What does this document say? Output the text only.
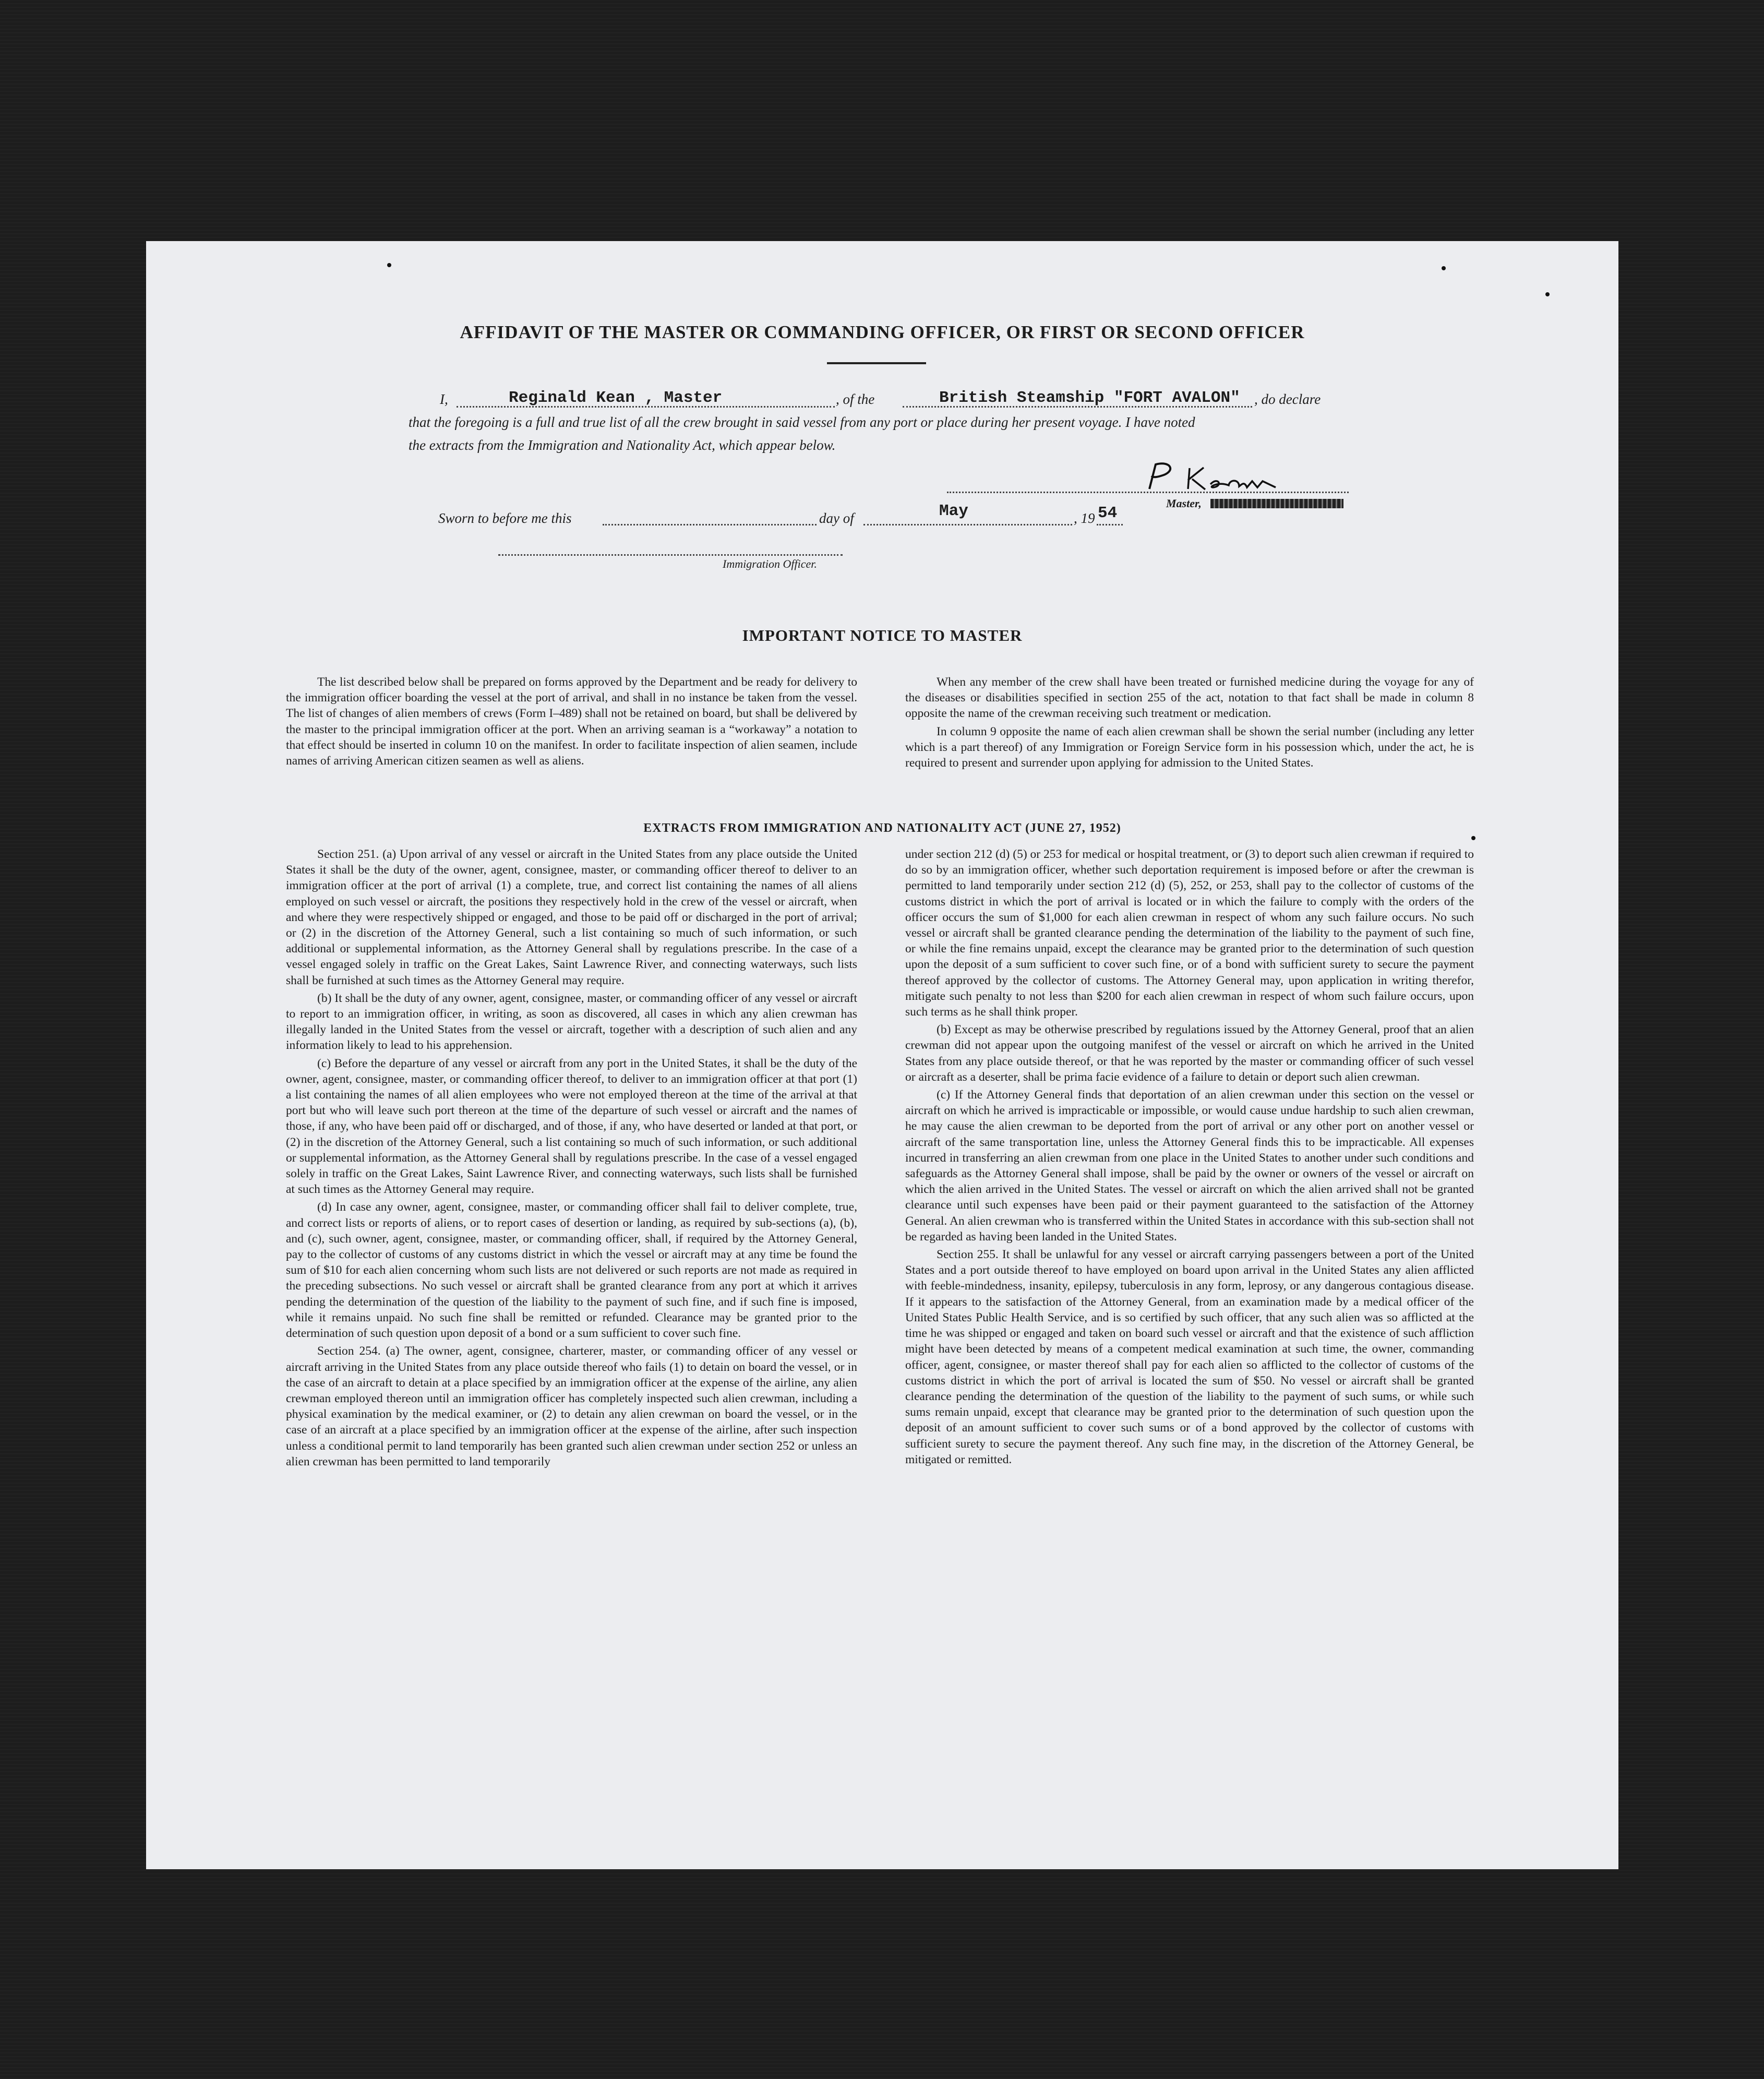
AFFIDAVIT OF THE MASTER OR COMMANDING OFFICER, OR FIRST OR SECOND OFFICER
I,	Reginald Kean , Master	, of the	British Steamship "FORT AVALON" , do declare
that the foregoing is a full and true list of all the crew brought in said vessel from any port or place during her present voyage. I have noted
the extracts from the Immigration and Nationality Act, which appear below.
Master,
Sworn to before me this	day of	May	, 19 54
Immigration Officer.
IMPORTANT NOTICE TO MASTER

The list described below shall be prepared on forms approved by the Department and be ready for delivery to the immigration officer boarding the vessel at the port of arrival, and shall in no instance be taken from the vessel. The list of changes of alien members of crews (Form I–489) shall not be retained on board, but shall be delivered by the master to the principal immigration officer at the port. When an arriving seaman is a “workaway” a notation to that effect should be inserted in column 10 on the manifest. In order to facilitate inspection of alien seamen, include names of arriving American citizen seamen as well as aliens.

When any member of the crew shall have been treated or furnished medicine during the voyage for any of the diseases or disabilities specified in section 255 of the act, notation to that fact shall be made in column 8 opposite the name of the crewman receiving such treatment or medication.

In column 9 opposite the name of each alien crewman shall be shown the serial number (including any letter which is a part thereof) of any Immigration or Foreign Service form in his possession which, under the act, he is required to present and surrender upon applying for admission to the United States.

EXTRACTS FROM IMMIGRATION AND NATIONALITY ACT (JUNE 27, 1952)

Section 251. (a) Upon arrival of any vessel or aircraft in the United States from any place outside the United States it shall be the duty of the owner, agent, consignee, master, or commanding officer thereof to deliver to an immigration officer at the port of arrival (1) a complete, true, and correct list containing the names of all aliens employed on such vessel or aircraft, the positions they respectively hold in the crew of the vessel or aircraft, when and where they were respectively shipped or engaged, and those to be paid off or discharged in the port of arrival; or (2) in the discretion of the Attorney General, such a list containing so much of such information, or such additional or supplemental information, as the Attorney General shall by regulations prescribe. In the case of a vessel engaged solely in traffic on the Great Lakes, Saint Lawrence River, and connecting waterways, such lists shall be furnished at such times as the Attorney General may require.

(b) It shall be the duty of any owner, agent, consignee, master, or commanding officer of any vessel or aircraft to report to an immigration officer, in writing, as soon as discovered, all cases in which any alien crewman has illegally landed in the United States from the vessel or aircraft, together with a description of such alien and any information likely to lead to his apprehension.

(c) Before the departure of any vessel or aircraft from any port in the United States, it shall be the duty of the owner, agent, consignee, master, or commanding officer thereof, to deliver to an immigration officer at that port (1) a list containing the names of all alien employees who were not employed thereon at the time of the arrival at that port but who will leave such port thereon at the time of the departure of such vessel or aircraft and the names of those, if any, who have been paid off or discharged, and of those, if any, who have deserted or landed at that port, or (2) in the discretion of the Attorney General, such a list containing so much of such information, or such additional or supplemental information, as the Attorney General shall by regulations prescribe. In the case of a vessel engaged solely in traffic on the Great Lakes, Saint Lawrence River, and connecting waterways, such lists shall be furnished at such times as the Attorney General may require.

(d) In case any owner, agent, consignee, master, or commanding officer shall fail to deliver complete, true, and correct lists or reports of aliens, or to report cases of desertion or landing, as required by sub-sections (a), (b), and (c), such owner, agent, consignee, master, or commanding officer, shall, if required by the Attorney General, pay to the collector of customs of any customs district in which the vessel or aircraft may at any time be found the sum of $10 for each alien concerning whom such lists are not delivered or such reports are not made as required in the preceding subsections. No such vessel or aircraft shall be granted clearance from any port at which it arrives pending the determination of the question of the liability to the payment of such fine, and if such fine is imposed, while it remains unpaid. No such fine shall be remitted or refunded. Clearance may be granted prior to the determination of such question upon deposit of a bond or a sum sufficient to cover such fine.

Section 254. (a) The owner, agent, consignee, charterer, master, or commanding officer of any vessel or aircraft arriving in the United States from any place outside thereof who fails (1) to detain on board the vessel, or in the case of an aircraft to detain at a place specified by an immigration officer at the expense of the airline, any alien crewman employed thereon until an immigration officer has completely inspected such alien crewman, including a physical examination by the medical examiner, or (2) to detain any alien crewman on board the vessel, or in the case of an aircraft at a place specified by an immigration officer at the expense of the airline, after such inspection unless a conditional permit to land temporarily has been granted such alien crewman under section 252 or unless an alien crewman has been permitted to land temporarily

under section 212 (d) (5) or 253 for medical or hospital treatment, or (3) to deport such alien crewman if required to do so by an immigration officer, whether such deportation requirement is imposed before or after the crewman is permitted to land temporarily under section 212 (d) (5), 252, or 253, shall pay to the collector of customs of the customs district in which the port of arrival is located or in which the failure to comply with the orders of the officer occurs the sum of $1,000 for each alien crewman in respect of whom any such failure occurs. No such vessel or aircraft shall be granted clearance pending the determination of the liability to the payment of such fine, or while the fine remains unpaid, except the clearance may be granted prior to the determination of such question upon the deposit of a sum sufficient to cover such fine, or of a bond with sufficient surety to secure the payment thereof approved by the collector of customs. The Attorney General may, upon application in writing therefor, mitigate such penalty to not less than $200 for each alien crewman in respect of whom such failure occurs, upon such terms as he shall think proper.

(b) Except as may be otherwise prescribed by regulations issued by the Attorney General, proof that an alien crewman did not appear upon the outgoing manifest of the vessel or aircraft on which he arrived in the United States from any place outside thereof, or that he was reported by the master or commanding officer of such vessel or aircraft as a deserter, shall be prima facie evidence of a failure to detain or deport such alien crewman.

(c) If the Attorney General finds that deportation of an alien crewman under this section on the vessel or aircraft on which he arrived is impracticable or impossible, or would cause undue hardship to such alien crewman, he may cause the alien crewman to be deported from the port of arrival or any other port on another vessel or aircraft of the same transportation line, unless the Attorney General finds this to be impracticable. All expenses incurred in transferring an alien crewman from one place in the United States to another under such conditions and safeguards as the Attorney General shall impose, shall be paid by the owner or owners of the vessel or aircraft on which the alien arrived in the United States. The vessel or aircraft on which the alien arrived shall not be granted clearance until such expenses have been paid or their payment guaranteed to the satisfaction of the Attorney General. An alien crewman who is transferred within the United States in accordance with this sub-section shall not be regarded as having been landed in the United States.

Section 255. It shall be unlawful for any vessel or aircraft carrying passengers between a port of the United States and a port outside thereof to have employed on board upon arrival in the United States any alien afflicted with feeble-mindedness, insanity, epilepsy, tuberculosis in any form, leprosy, or any dangerous contagious disease. If it appears to the satisfaction of the Attorney General, from an examination made by a medical officer of the United States Public Health Service, and is so certified by such officer, that any such alien was so afflicted at the time he was shipped or engaged and taken on board such vessel or aircraft and that the existence of such affliction might have been detected by means of a competent medical examination at such time, the owner, commanding officer, agent, consignee, or master thereof shall pay for each alien so afflicted to the collector of customs of the customs district in which the port of arrival is located the sum of $50. No vessel or aircraft shall be granted clearance pending the determination of the question of the liability to the payment of such sums, or while such sums remain unpaid, except that clearance may be granted prior to the determination of such question upon the deposit of an amount sufficient to cover such sums or of a bond approved by the collector of customs with sufficient surety to secure the payment thereof. Any such fine may, in the discretion of the Attorney General, be mitigated or remitted.
